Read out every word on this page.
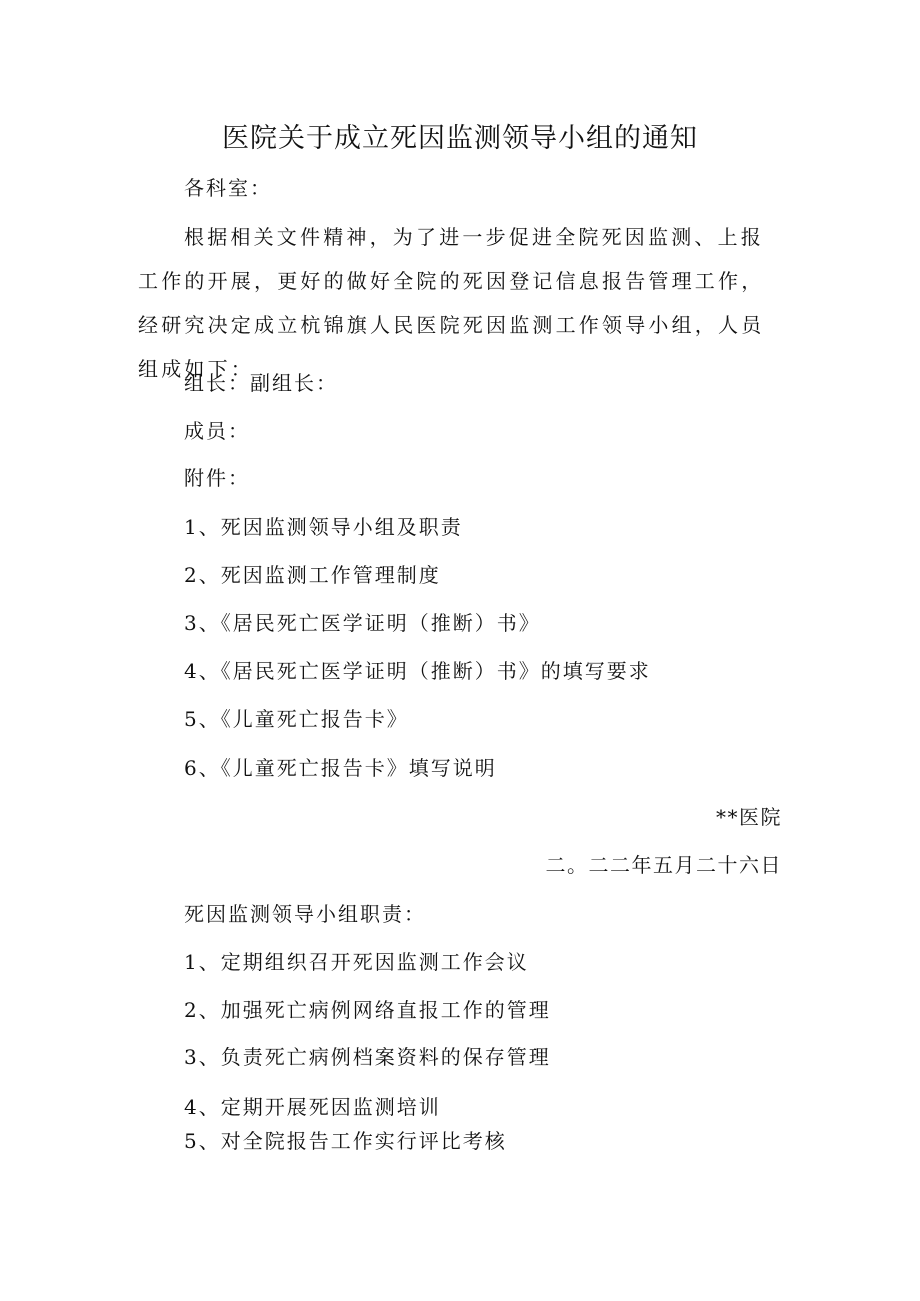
医院关于成立死因监测领导小组的通知
各科室：
根据相关文件精神，为了进一步促进全院死因监测、上报工作的开展，更好的做好全院的死因登记信息报告管理工作，经研究决定成立杭锦旗人民医院死因监测工作领导小组，人员组成如下：
组长：副组长：
成员：
附件：
1、死因监测领导小组及职责
2、死因监测工作管理制度
3、《居民死亡医学证明（推断）书》
4、《居民死亡医学证明（推断）书》的填写要求
5、《儿童死亡报告卡》
6、《儿童死亡报告卡》填写说明
**医院
二。二二年五月二十六日
死因监测领导小组职责：
1、定期组织召开死因监测工作会议
2、加强死亡病例网络直报工作的管理
3、负责死亡病例档案资料的保存管理
4、定期开展死因监测培训
5、对全院报告工作实行评比考核
